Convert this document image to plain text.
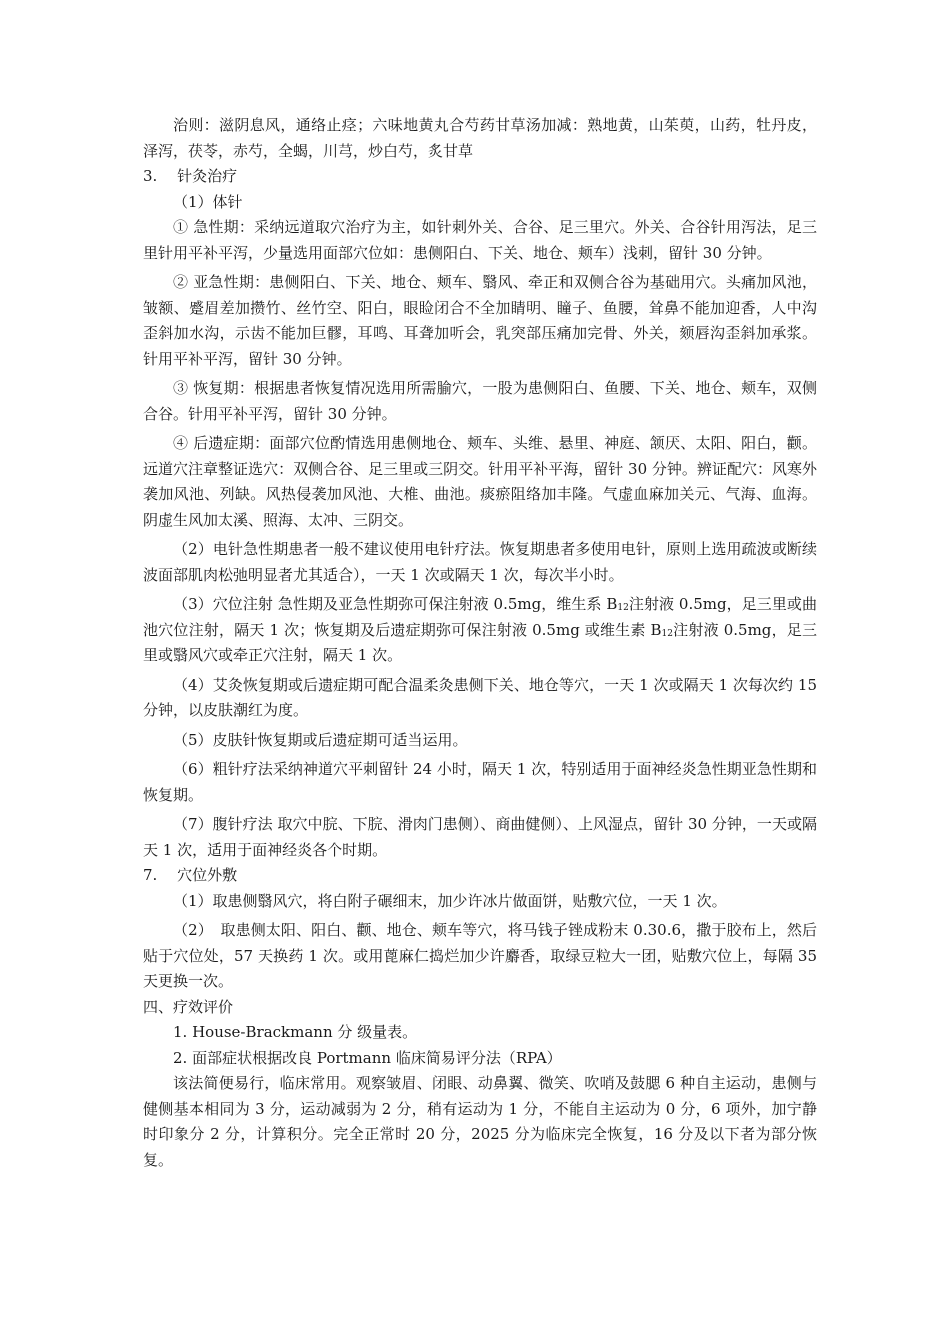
治则：滋阴息风，通络止痉；六味地黄丸合芍药甘草汤加减：熟地黄，山茱萸，山药，牡丹皮，泽泻，茯苓，赤芍，全蝎，川芎，炒白芍，炙甘草

3.　 针灸治疗

（1）体针

① 急性期：采纳远道取穴治疗为主，如针刺外关、合谷、足三里穴。外关、合谷针用泻法，足三里针用平补平泻，少量选用面部穴位如：患侧阳白、下关、地仓、颊车）浅刺，留针 30 分钟。

② 亚急性期：患侧阳白、下关、地仓、颊车、翳风、牵正和双侧合谷为基础用穴。头痛加风池，皱额、蹙眉差加攒竹、丝竹空、阳白，眼睑闭合不全加睛明、瞳子、鱼腰，耸鼻不能加迎香，人中沟歪斜加水沟，示齿不能加巨髎，耳鸣、耳聋加听会，乳突部压痛加完骨、外关，颏唇沟歪斜加承浆。针用平补平泻，留针 30 分钟。

③ 恢复期：根据患者恢复情况选用所需腧穴，一股为患侧阳白、鱼腰、下关、地仓、颊车，双侧合谷。针用平补平泻，留针 30 分钟。

④ 后遗症期：面部穴位酌情选用患侧地仓、颊车、头维、悬里、神庭、颔厌、太阳、阳白，颧。远道穴注章整证选穴：双侧合谷、足三里或三阴交。针用平补平海，留针 30 分钟。辨证配穴：风寒外袭加风池、列缺。风热侵袭加风池、大椎、曲池。痰瘀阻络加丰隆。气虚血麻加关元、气海、血海。阴虚生风加太溪、照海、太冲、三阴交。

（2）电针急性期患者一般不建议使用电针疗法。恢复期患者多使用电针，原则上选用疏波或断续波面部肌肉松弛明显者尤其适合），一天 1 次或隔天 1 次，每次半小时。

（3）穴位注射 急性期及亚急性期弥可保注射液 0.5mg，维生系 $B_{12}$注射液 0.5mg，足三里或曲池穴位注射，隔天 1 次；恢复期及后遗症期弥可保注射液 0.5mg 或维生素 $B_{12}$注射液 0.5mg，足三里或翳风穴或牵正穴注射，隔天 1 次。

（4）艾灸恢复期或后遗症期可配合温柔灸患侧下关、地仓等穴，一天 1 次或隔天 1 次每次约 15 分钟，以皮肤潮红为度。

（5）皮肤针恢复期或后遗症期可适当运用。

（6）粗针疗法采纳神道穴平刺留针 24 小时，隔天 1 次，特别适用于面神经炎急性期亚急性期和恢复期。

（7）腹针疗法 取穴中脘、下脘、滑肉门患侧）、商曲健侧）、上风湿点，留针 30 分钟，一天或隔天 1 次，适用于面神经炎各个时期。

7.　 穴位外敷

（1）取患侧翳风穴，将白附子碾细末，加少许冰片做面饼，贴敷穴位，一天 1 次。

（2）　取患侧太阳、阳白、颧、地仓、颊车等穴，将马钱子锉成粉末 0.30.6，撒于胶布上，然后贴于穴位处，57 天换药 1 次。或用蓖麻仁捣烂加少许麝香，取绿豆粒大一团，贴敷穴位上，每隔 35 天更换一次。

四、疗效评价

1. House-Brackmann 分 级量表。

2. 面部症状根据改良 Portmann 临床简易评分法（RPA）

该法简便易行，临床常用。观察皱眉、闭眼、动鼻翼、微笑、吹哨及鼓腮 6 种自主运动，患侧与健侧基本相同为 3 分，运动减弱为 2 分，稍有运动为 1 分，不能自主运动为 0 分，6 项外，加宁静时印象分 2 分，计算积分。完全正常时 20 分，2025 分为临床完全恢复，16 分及以下者为部分恢复。
